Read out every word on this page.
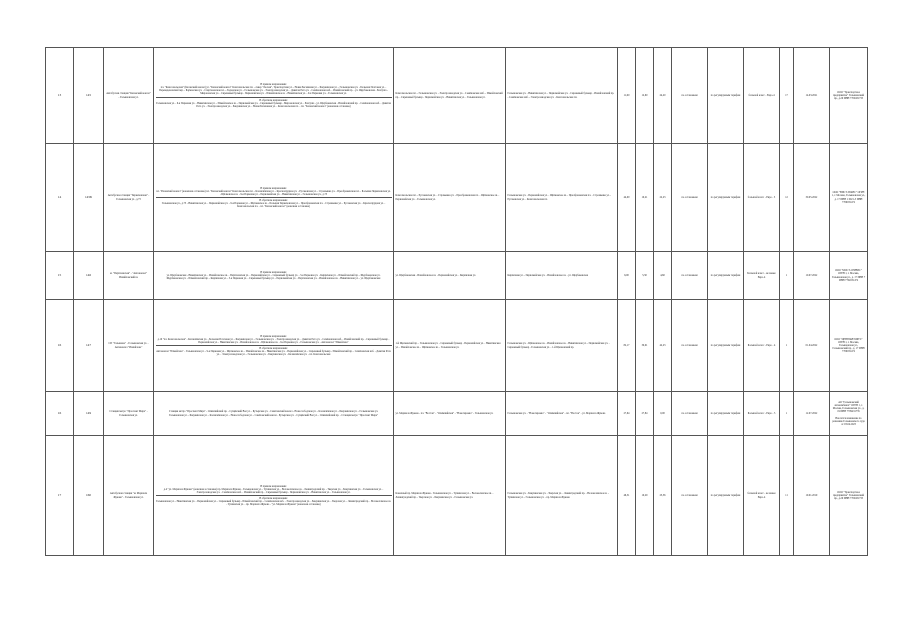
13	145	Автобусная станция "Казанский вокзал" - Гольяновская ул.	В прямом направлении:
пл. "Комсомольская" (Казанский вокзал) ул. "Казанский вокзал" Комсомольская пл. - сквер "Лесная", Транспортная ул. - Новая Басманная ул. - Бакунинская ул. - Гольяновская ул. - Большая Почтовая ул. - Переведеновский пер. - Бауманская ул. - Спартаковская пл. - Ладожская ул. - Гольяновская ул. - Электрозаводская ул. - Девятая Рота ул. - Семёновская наб. - Измайловский пр. - ул. Щербаковская - Благуша - Мироновская ул. - Сиреневый бульвар - Первомайская ул. - Измайловское ш. - Никитинская ул. - 9-я Парковая ул. - Гольяновская ул.
В обратном направлении:
Гольяновская ул. - 9-я Парковая ул. - Никитинская ул. - Измайловское ш. - Первомайская ул. - Сиреневый бульвар - Мироновская ул. - Благуша - ул. Щербаковская - Измайловский пр. - Семёновская наб. - Девятая Рота ул. - Электрозаводская ул. - Бакунинская ул. - Новая Басманная ул. - Комсомольская пл. - пл. "Казанский вокзал" (конечная остановка)	Комсомольская пл. - Гольяновская ул. - Электрозаводская ул. - Семёновская наб. - Измайловский пр. - Сиреневый бульвар - Первомайская ул. - Никитинская ул. - Гольяновская ул.	Гольяновская ул. - Никитинская ул. - Первомайская ул. - Сиреневый бульвар - Измайловский пр. - Семёновская наб. - Электрозаводская ул. - Комсомольская пл.	11,60	12,60	24,20	по остановкам	по регулируемым тарифам	большой класс - Евро-4	17	14.03.2021	ООО "Транспортное предприятие" Гольяновский пр., д.29 ИНН 7709431735
14	145Б	Автобусная станция "Черкизовская" - Гольяновская ул., д.73	В прямом направлении:
пл. "Рязанский вокзал" (конечная остановка) пл. "Казанский вокзал" Комсомольская пл. - Каланчёвская ул. - Краснопрудная ул. - Русаковская ул. - Стромынка ул. - Преображенская пл. - Большая Черкизовская ул. - Щёлковское ш. - 9-я Парковая ул. - Первомайская ул. - Никитинская ул. - Гольяновская ул., д.73
В обратном направлении:
Гольяновская ул., д.73 - Никитинская ул. - Первомайская ул. - 9-я Парковая ул. - Щёлковское ш. - Большая Черкизовская ул. - Преображенская пл. - Стромынка ул. - Русаковская ул. - Краснопрудная ул. - Комсомольская пл. - пл. "Казанский вокзал" (конечная остановка)	Комсомольская пл. - Русаковская ул. - Стромынка ул. - Преображенская пл. - Щёлковское ш. - Первомайская ул. - Гольяновская ул.	Гольяновская ул. - Первомайская ул. - Щёлковское ш. - Преображенская пл. - Стромынка ул. - Русаковская ул. - Комсомольская пл.	44,00	10,21	22,23	по остановкам	по регулируемым тарифам	большой класс - Евро - 5	12	30.05.2022	ООО "ВИСТ-ТРАНС" ОГРН 1, г. Москва, Гольяновская ул., д. 17 ИНН 1 0021-3 ИНН 7709031472
15	146	м. "Партизанская" - "Автовокзал" Измайловский ш.	В прямом направлении:
ул. Щербаковская - Никитинская ул. - Измайловское ш. - Партизанская ул. - Первомайская ул. - Сиреневый бульвар ул. - 3-я Парковая ул. - Кирпичная ул. - Измайловский пр. - Щербаковская ул.
Щербаковская ул. - Измайловский пр. - Кирпичная ул. - 3-я Парковая ул. - Сиреневый бульвар ул. - Первомайская ул. - Партизанская ул. - Измайловское ш. - Никитинская ул. - ул. Щербаковская	ул. Щербаковская - Измайловское ш. - Первомайская ул. - Кирпичная ул.	Кирпичная ул. - Первомайская ул. - Измайловское ш. - ул. Щербаковская	6,00	5,30	4,60	по остановкам	по регулируемым тарифам	Большой класс - не менее Евро-4	1	10.07.2022	ООО "МОСТ-СЕРВИС" ОГРН 1, г. Москва, Гольяновская ул., д. 17 ИНН 7 ИНН 7702031472
16	147	СП "Гольяново" - Гольяновская ул. - Автовокзал "Измайлово"	В прямом направлении:
д.10 "пл. Комсомольская" - Каланчёвская ул. - Большая Почтовая ул. - Бакунинская ул. - Гольяновская ул. - Электрозаводская ул. - Девятая Рота ул. - Семёновская наб. - Измайловский пр. - Сиреневый бульвар - Первомайская ул. - Никитинская ул. - Измайловское ш. - Щёлковское ш. - 9-я Парковая ул. - Гольяновская ул. - Автовокзал "Измайлово"
В обратном направлении:
Автовокзал "Измайлово" - Гольяновская ул. - 9-я Парковая ул. - Щёлковское ш. - Измайловское ш. - Никитинская ул. - Первомайская ул. - Сиреневый бульвар - Измайловский пр. - Семёновская наб. - Девятая Рота ул. - Электрозаводская ул. - Гольяновская ул. - Бакунинская ул. - Каланчёвская ул. - пл. Комсомольская	1-й Щелковский пр. - Гольяновская ул. - Сиреневый бульвар - Первомайская ул. - Никитинская ул. - Измайловское ш. - Щёлковское ш. - Гольяновская ул.	Гольяновская ул. - Щёлковское ш. - Измайловское ш. - Никитинская ул. - Первомайская ул. - Сиреневый бульвар - Гольяновская ул. - 1-й Щелковский пр.	82,17	30,01	42,23	по остановкам	по регулируемым тарифам	Большой класс - Евро - 4	1	01.04.2022	ООО "ЦЕНТРАВТОБУС" ОГРН 1, г. Москва, Гольяновская ул., Гольяновский пр., д. 17 ИНН 7709031472
16	149	Станция метро "Проспект Мира" - Гольяновская ул.	Станция метро "Проспект Мира" - Олимпийский пр. - Сущёвский Вал ул. - Бутырская ул. - Савёловский вокзал - Новослободская ул. - Каланчёвская ул. - Бакунинская ул. - Гольяновская ул.
Гольяновская ул. - Бакунинская ул. - Каланчёвская ул. - Новослободская ул. - Савёловский вокзал - Бутырская ул. - Сущёвский Вал ул. - Олимпийский пр. - Станция метро "Проспект Мира"	ул. Маршала Жукова - пл. "Восток" - "Олимпийская" - "Новогиреево" - Гольяновская ул.	Гольяновская ул. - "Новогиреево" - "Олимпийская" - пл. "Восток" - ул. Маршала Жукова	27,64	27,84	0,00	по остановкам	по регулируемым тарифам	Большой класс - Евро - 5	1	12.07.2022	АО "Гольяновский автокомбинат" ОГРН 1, г. Москва, Гольяновская ул., д. 19 ИНН 7709431735
Вносится изменение по решению Гольяновского суда от 03.04.2023

17	160	Автобусная станция "м. Маршала Жукова" - Гольяновская ул.	В прямом направлении:
д.4 "ул. Маршала Жукова" (конечная остановка) пр. Маршала Жукова - Гольяновская ул. - Тушинская ул. - Волоколамское ш. - Ленинградский пр. - Тверская ул. - Бакунинская ул. - Гольяновская ул. - Электрозаводская ул. - Семёновская наб. - Измайловский пр. - Сиреневый бульвар - Первомайская ул. - Никитинская ул. - Гольяновская ул.
В обратном направлении:
Гольяновская ул. - Никитинская ул. - Первомайская ул. - Сиреневый бульвар - Измайловский пр. - Семёновская наб. - Электрозаводская ул. - Бакунинская ул. - Тверская ул. - Ленинградский пр. - Волоколамское ш. - Тушинская ул. - пр. Маршала Жукова - "ул. Маршала Жукова" (конечная остановка)	Конечный пр. Маршала Жукова - Гольяновская ул. - Тушинская ул. - Волоколамское ш. - Ленинградский пр. - Тверская ул. - Бакунинская ул. - Гольяновская ул.	Гольяновская ул. - Бакунинская ул. - Тверская ул. - Ленинградский пр. - Волоколамское ш. - Тушинская ул. - Гольяновская ул. - пр. Маршала Жукова	46,51	10,29	23,36	по остановкам	по регулируемым тарифам	большой класс - не менее Евро-4	11	19.01.2019	ООО "Транспортное предприятие" Гольяновский пр., д.29 ИНН 7709431735
